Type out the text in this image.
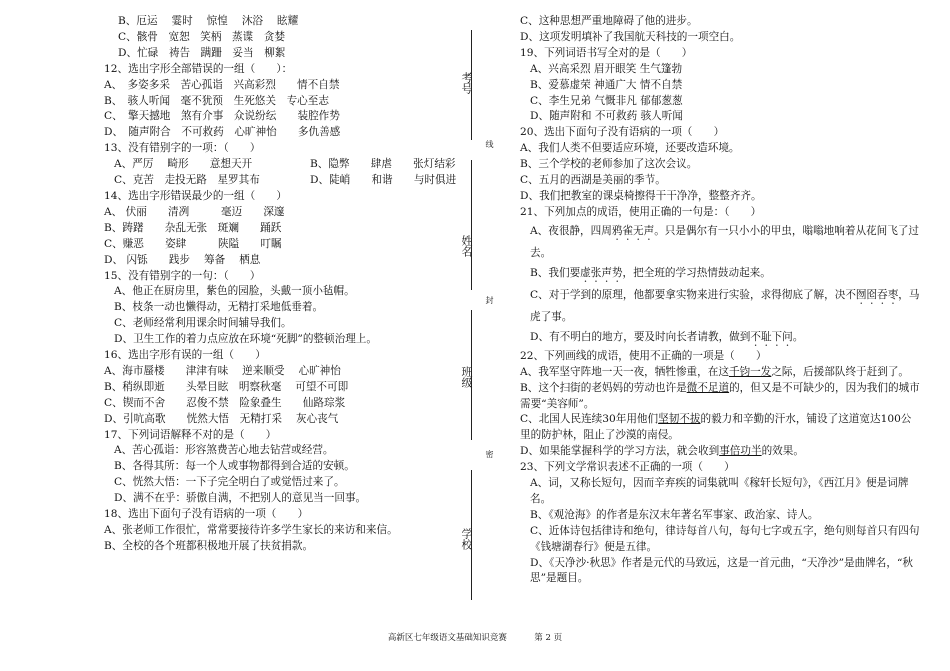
B、厄运　 霎时　 惊惶　 沐浴　 眩耀

C、骸骨　宽恕　笑柄　蒸谍　贪婪

D、忙碌　祷告　蹒跚　妥当　柳絮

12、选出字形全部错误的一组（　　）：

A、　多姿多采　苦心孤诣　兴高彩烈　　情不自禁

B、　骇人听闻　毫不犹预　生死悠关　专心至志

C、　擎天撼地　煞有介事　众说纷纭　　装腔作势

D、　随声附合　不可救药　心旷神怡　　多仇善感

13、没有错别字的一项：（　　）

A、严厉　 畸形　　意想天开	B、隐弊　　肆虐　　张灯结彩

C、克苦　走投无路　星罗其布	D、陡峭　　和谐　　与时俱进

14、选出字形错误最少的一组（　　）

A、 伏丽　　清冽　　　毫迈　　深邃

B、踌躇　　杂乱无张　斑斓　　踊跃

C、赚恶　　姿肆　　　陕隘　　叮瞩

D、 闪铄　　践步　 筹备　 栖息

15、没有错别字的一句：（　　）

A、他正在厨房里，紫色的园脸，头戴一顶小毡帽。

B、枝条一动也懒得动，无精打采地低垂着。

C、老师经常利用课余时间辅导我们。

D、卫生工作的着力点应放在环境“死脚”的整顿治理上。

16、选出字形有误的一组（　　）

A、海市蜃楼　　津津有味　 逆来顺受　 心旷神怡

B、稍纵即逝　　头晕目眩　明察秋毫　 可望不可即

C、锲而不舍　　忍俊不禁　险象叠生　　仙路琮浆

D、引吭高歌　　恍然大悟　无精打采　 灰心丧气

17、下列词语解释不对的是（　　）

A、苦心孤诣：形容煞费苦心地去钻营或经营。

B、各得其所：每一个人或事物都得到合适的安顿。

C、恍然大悟：一下子完全明白了或觉悟过来了。

D、满不在乎：骄傲自满，不把别人的意见当一回事。

18、选出下面句子没有语病的一项（　　）

A、张老师工作很忙，常常要接待许多学生家长的来访和来信。

B、全校的各个班都积极地开展了扶贫捐款。

考号
线
姓名
封
班级
密
学校

C、这种思想严重地障碍了他的进步。

D、这项发明填补了我国航天科技的一项空白。

19、下列词语书写全对的是（　　）

A、兴高采烈 眉开眼笑 生气篷勃

B、爱慕虚荣 神通广大 情不自禁

C、李生兄弟 气慨非凡 郁郁葱葱

D、随声附和 不可救药 骇人听闻

20、选出下面句子没有语病的一项（　　）

A、我们人类不但要适应环境，还要改造环境。

B、三个学校的老师参加了这次会议。

C、五月的西湖是美丽的季节。

D、我们把教室的课桌椅擦得干干净净，整整齐齐。

21、下列加点的成语，使用正确的一句是：（　　）

A、夜很静，四周鸦雀无声。只是偶尔有一只小小的甲虫，嗡嗡地响着从花间飞了过去。

B、我们要虚张声势，把全班的学习热情鼓动起来。

C、对于学到的原理，他都要拿实物来进行实验，求得彻底了解，决不囫囵吞枣，马虎了事。

D、有不明白的地方，要及时向长者请教，做到不耻下问。

22、下列画线的成语，使用不正确的一项是（　　）

A、我军坚守阵地一天一夜，牺牲惨重，在这千钧一发之际，后援部队终于赶到了。

B、这个扫街的老妈妈的劳动也许是微不足道的，但又是不可缺少的，因为我们的城市需要“美容师”。

C、北国人民连续30年用他们坚韧不拔的毅力和辛勤的汗水，铺设了这道宽达100公里的防护林，阻止了沙漠的南侵。

D、如果能掌握科学的学习方法，就会收到事倍功半的效果。

23、下列文学常识表述不正确的一项（　　）

A、词，又称长短句，因而辛弃疾的词集就叫《稼轩长短句》，《西江月》便是词牌名。

B、《观沧海》的作者是东汉末年著名军事家、政治家、诗人。

C、近体诗包括律诗和绝句，律诗每首八句，每句七字或五字，绝句则每首只有四句《钱塘湖春行》便是五律。

D、《天净沙·秋思》作者是元代的马致远，这是一首元曲，“天净沙”是曲牌名，“秋思”是题目。

高新区七年级语文基础知识竞赛	第 2 页
